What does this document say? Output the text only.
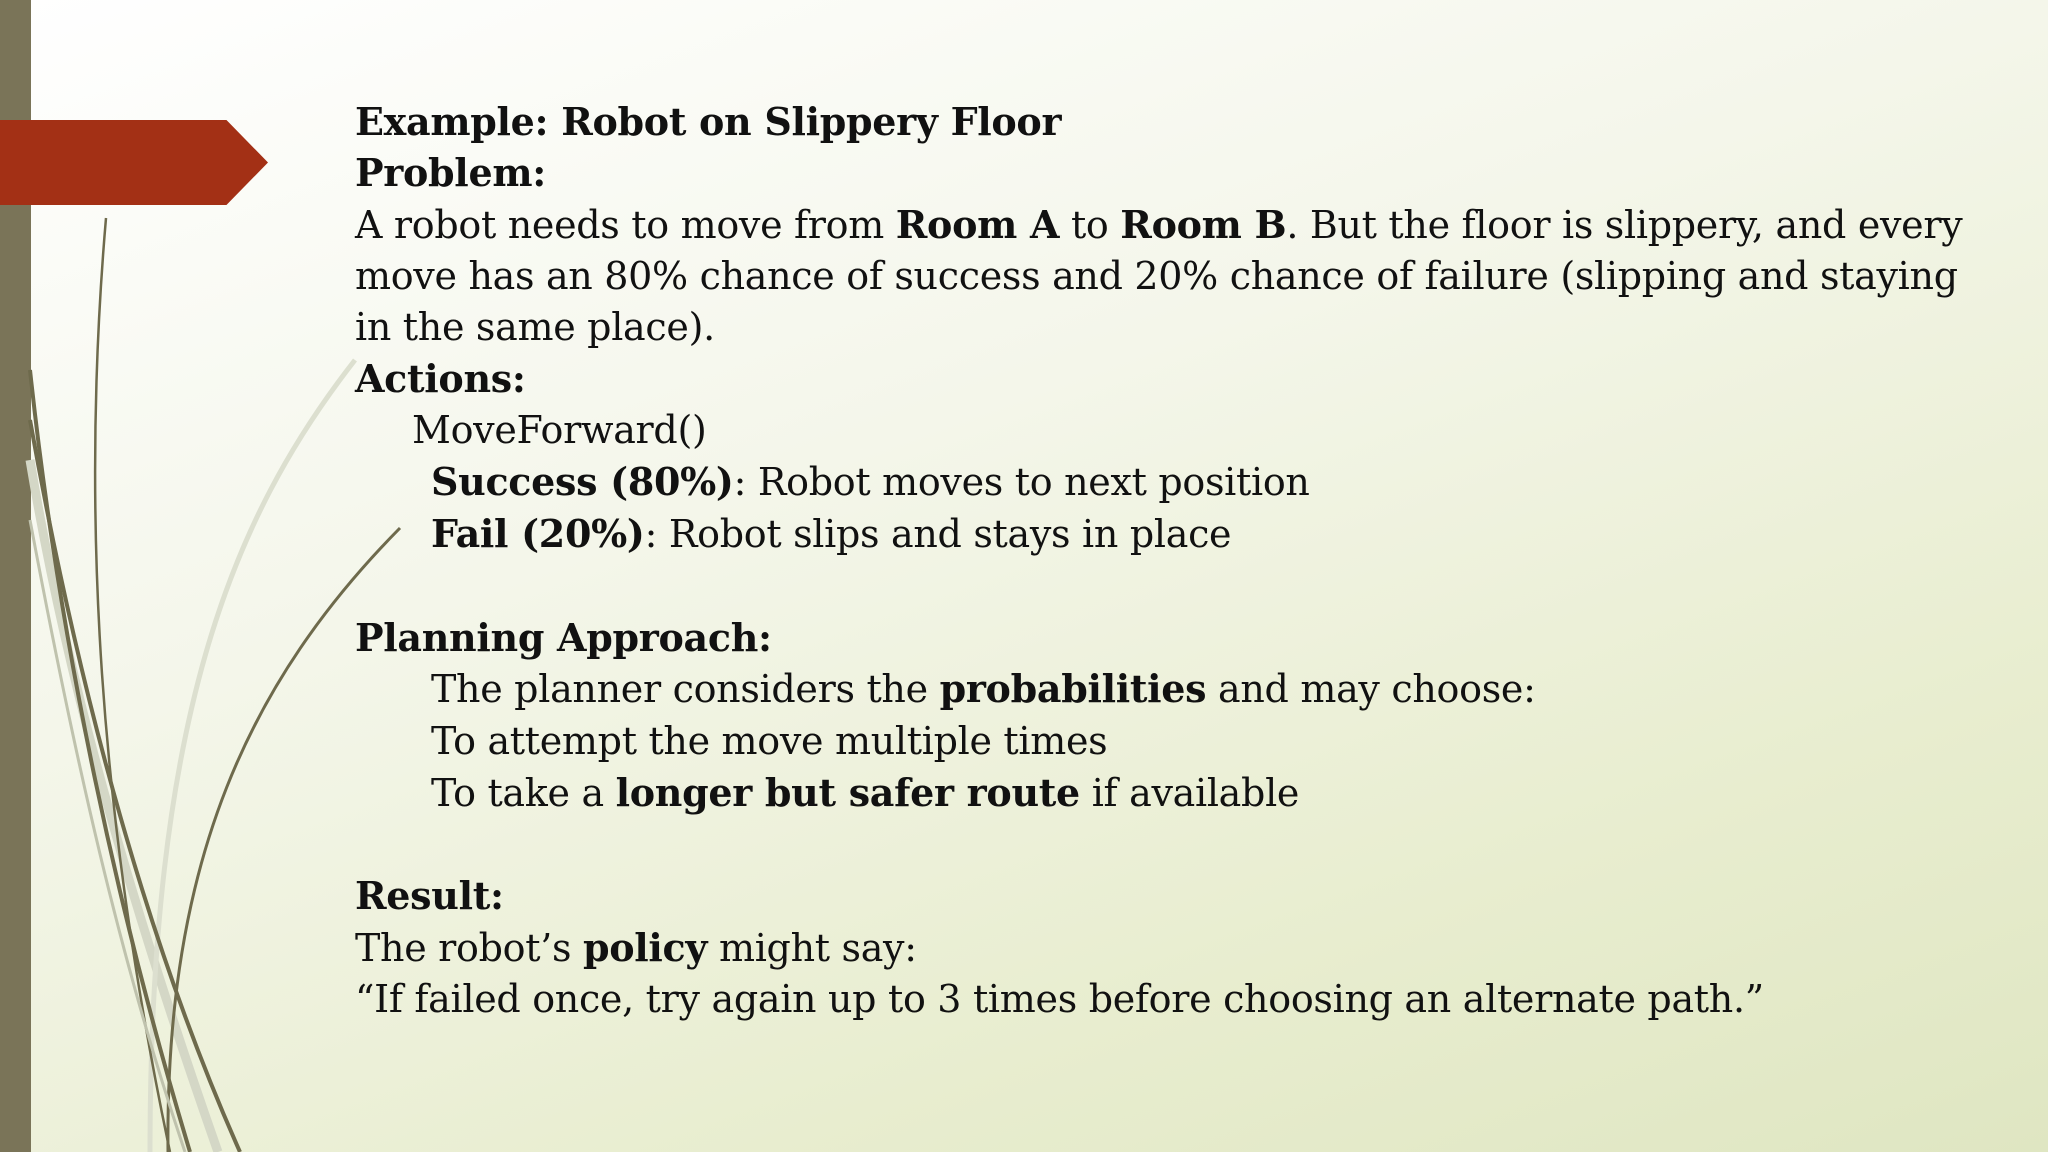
Example: Robot on Slippery Floor
Problem:
A robot needs to move from Room A to Room B. But the floor is slippery, and every
move has an 80% chance of success and 20% chance of failure (slipping and staying
in the same place).
Actions:
MoveForward()
Success (80%): Robot moves to next position
Fail (20%): Robot slips and stays in place
Planning Approach:
The planner considers the probabilities and may choose:
To attempt the move multiple times
To take a longer but safer route if available
Result:
The robot’s policy might say:
“If failed once, try again up to 3 times before choosing an alternate path.”
